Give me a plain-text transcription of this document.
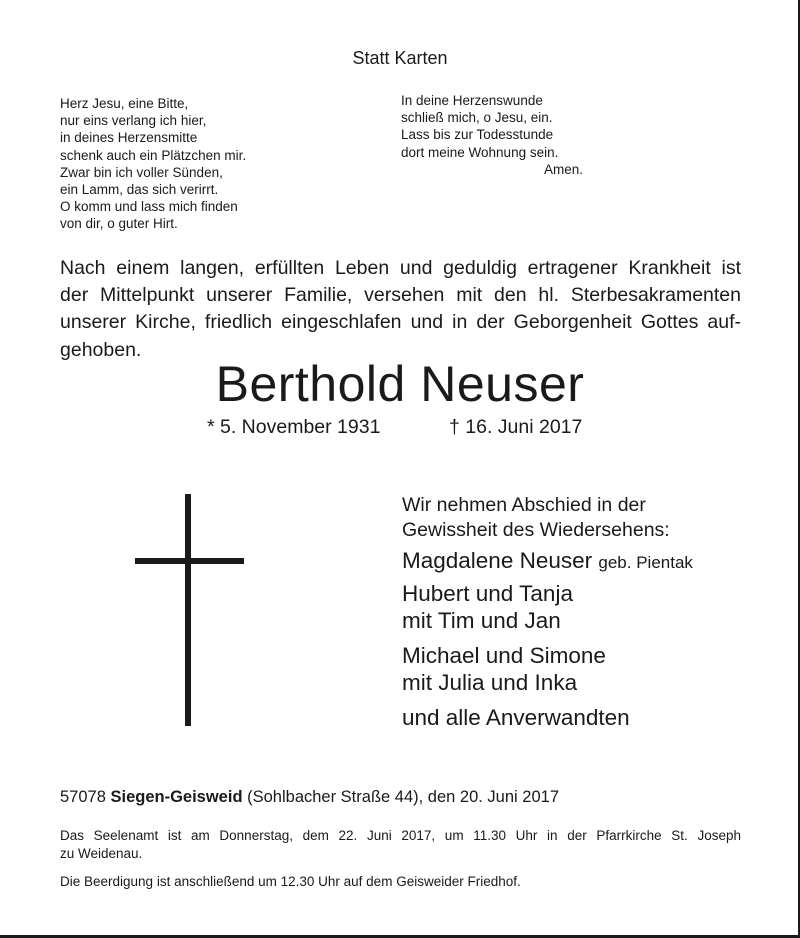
Statt Karten
Herz Jesu, eine Bitte,
nur eins verlang ich hier,
in deines Herzensmitte
schenk auch ein Plätzchen mir.
Zwar bin ich voller Sünden,
ein Lamm, das sich verirrt.
O komm und lass mich finden
von dir, o guter Hirt.
In deine Herzenswunde
schließ mich, o Jesu, ein.
Lass bis zur Todesstunde
dort meine Wohnung sein.
Amen.
Nach einem langen, erfüllten Leben und geduldig ertragener Krankheit ist
der Mittelpunkt unserer Familie, versehen mit den hl. Sterbesakramenten
unserer Kirche, friedlich eingeschlafen und in der Geborgenheit Gottes auf-
gehoben.
Berthold Neuser
* 5. November 1931	† 16. Juni 2017
Wir nehmen Abschied in der
Gewissheit des Wiedersehens:
Magdalene Neuser geb. Pientak
Hubert und Tanja
mit Tim und Jan
Michael und Simone
mit Julia und Inka
und alle Anverwandten
57078 Siegen-Geisweid (Sohlbacher Straße 44), den 20. Juni 2017
Das Seelenamt ist am Donnerstag, dem 22. Juni 2017, um 11.30 Uhr in der Pfarrkirche St. Joseph
zu Weidenau.
Die Beerdigung ist anschließend um 12.30 Uhr auf dem Geisweider Friedhof.
